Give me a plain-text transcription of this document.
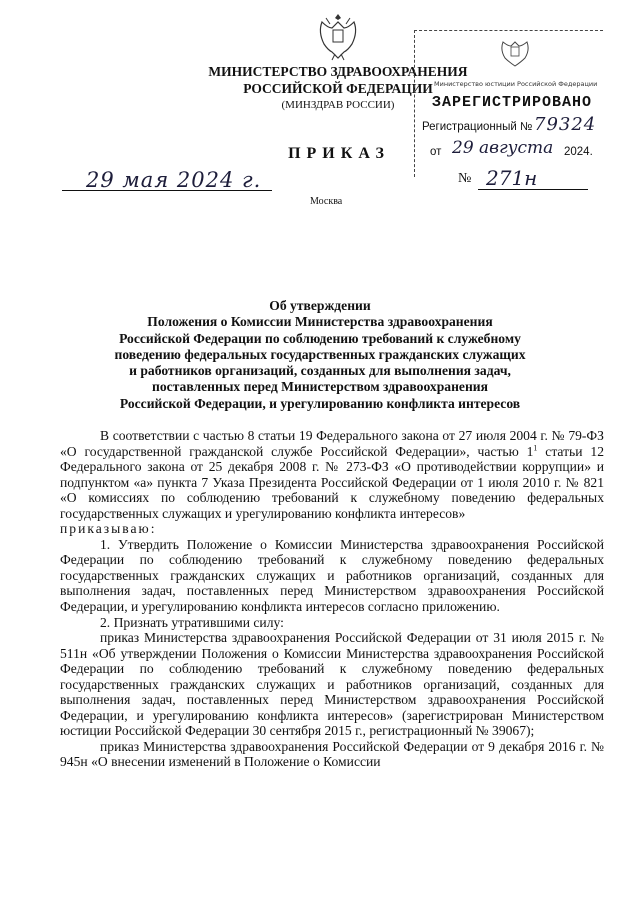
МИНИСТЕРСТВО ЗДРАВООХРАНЕНИЯ
РОССИЙСКОЙ ФЕДЕРАЦИИ
(МИНЗДРАВ РОССИИ)
ПРИКАЗ
29 мая 2024 г.
Москва
№ 271н
Министерство юстиции Российской Федерации
ЗАРЕГИСТРИРОВАНО
Регистрационный № 79324
от 29 августа 2024.
Об утверждении
Положения о Комиссии Министерства здравоохранения
Российской Федерации по соблюдению требований к служебному
поведению федеральных государственных гражданских служащих
и работников организаций, созданных для выполнения задач,
поставленных перед Министерством здравоохранения
Российской Федерации, и урегулированию конфликта интересов

В соответствии с частью 8 статьи 19 Федерального закона от 27 июля 2004 г. № 79-ФЗ «О государственной гражданской службе Российской Федерации», частью $1^1$ статьи 12 Федерального закона от 25 декабря 2008 г. № 273-ФЗ «О противодействии коррупции» и подпунктом «а» пункта 7 Указа Президента Российской Федерации от 1 июля 2010 г. № 821 «О комиссиях по соблюдению требований к служебному поведению федеральных государственных служащих и урегулированию конфликта интересов»

приказываю:

1. Утвердить Положение о Комиссии Министерства здравоохранения Российской Федерации по соблюдению требований к служебному поведению федеральных государственных гражданских служащих и работников организаций, созданных для выполнения задач, поставленных перед Министерством здравоохранения Российской Федерации, и урегулированию конфликта интересов согласно приложению.

2. Признать утратившими силу:

приказ Министерства здравоохранения Российской Федерации от 31 июля 2015 г. № 511н «Об утверждении Положения о Комиссии Министерства здравоохранения Российской Федерации по соблюдению требований к служебному поведению федеральных государственных гражданских служащих и работников организаций, созданных для выполнения задач, поставленных перед Министерством здравоохранения Российской Федерации, и урегулированию конфликта интересов» (зарегистрирован Министерством юстиции Российской Федерации 30 сентября 2015 г., регистрационный № 39067);

приказ Министерства здравоохранения Российской Федерации от 9 декабря 2016 г. № 945н «О внесении изменений в Положение о Комиссии
